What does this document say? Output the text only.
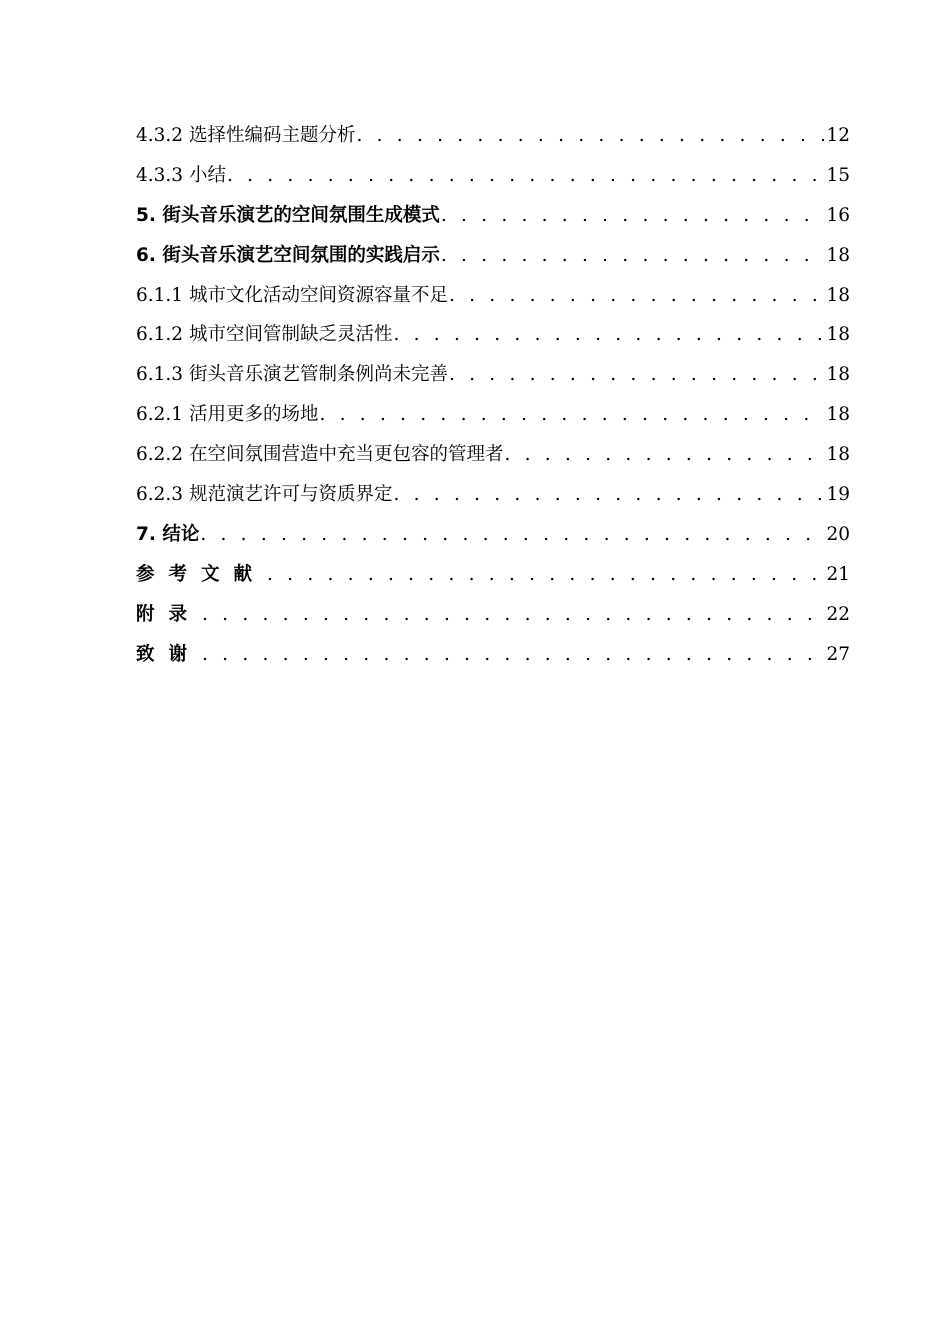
4.3.2 选择性编码主题分析 . . .	12
4.3.3 小结 . . .	15
5. 街头音乐演艺的空间氛围生成模式 . . .	16
6. 街头音乐演艺空间氛围的实践启示 . . .	18
6.1.1 城市文化活动空间资源容量不足 . . .	18
6.1.2 城市空间管制缺乏灵活性 . . .	18
6.1.3 街头音乐演艺管制条例尚未完善 . . .	18
6.2.1 活用更多的场地 . . .	18
6.2.2 在空间氛围营造中充当更包容的管理者 . . .	18
6.2.3 规范演艺许可与资质界定 . . .	19
7. 结论 . . .	20
参考文献 . . .	21
附录 . . .	22
致谢 . . .	27
